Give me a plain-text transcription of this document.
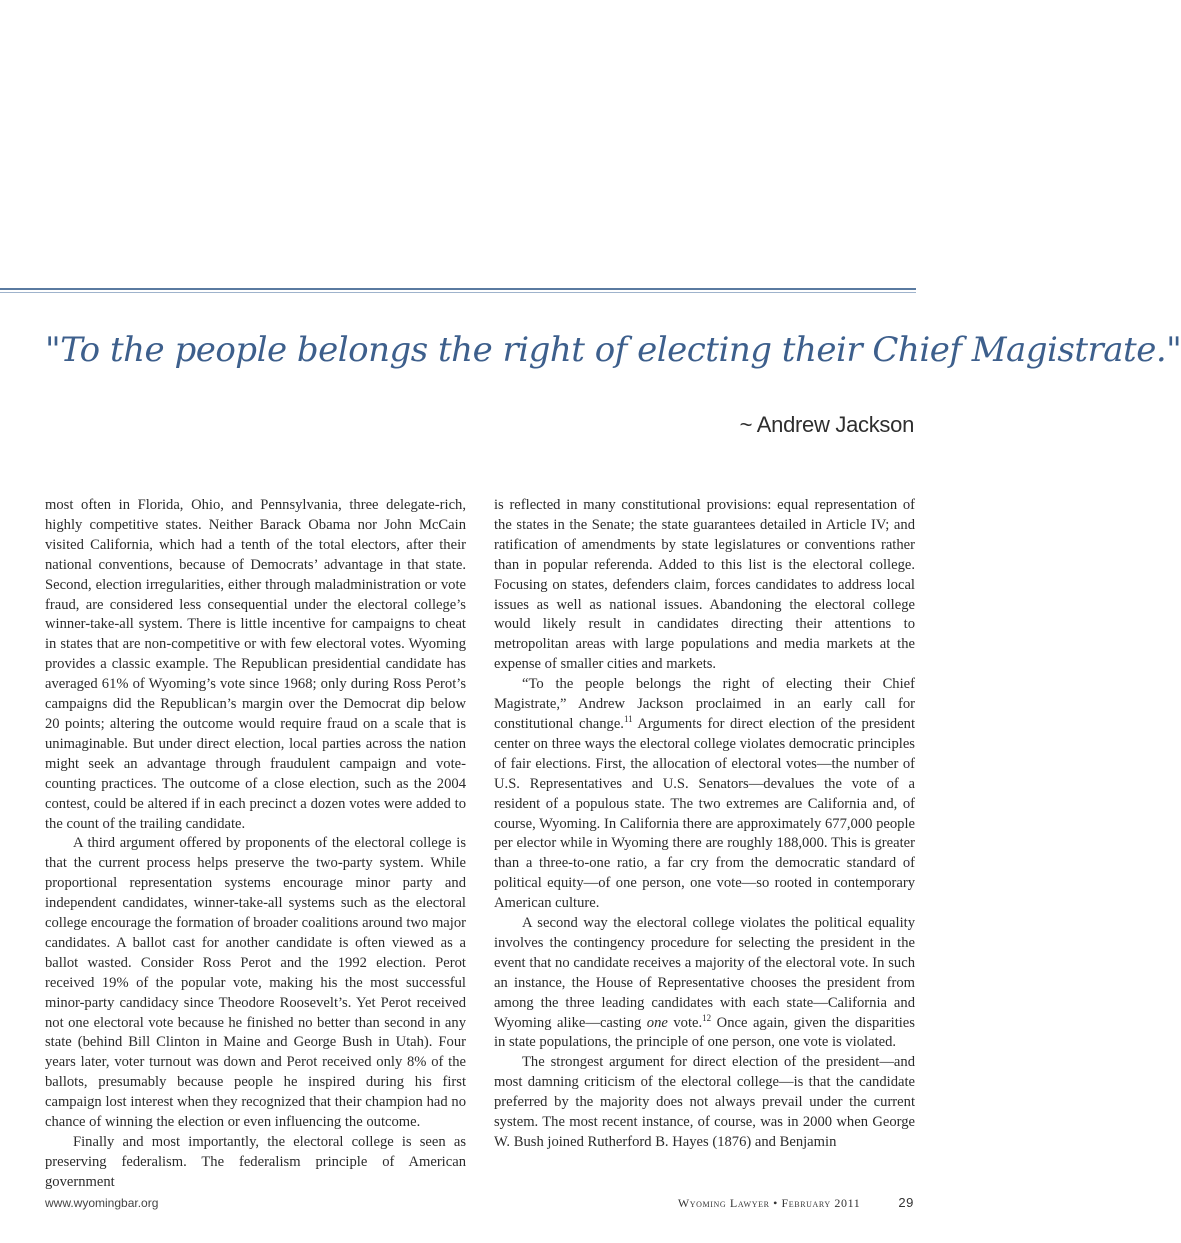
"To the people belongs the right of electing their Chief Magistrate."
~ Andrew Jackson

most often in Florida, Ohio, and Pennsylvania, three delegate-rich, highly competitive states. Neither Barack Obama nor John McCain visited California, which had a tenth of the total electors, after their national conventions, because of Democrats’ advantage in that state. Second, election irregularities, either through maladministration or vote fraud, are considered less consequential under the electoral college’s winner-take-all system. There is little incentive for campaigns to cheat in states that are non-competitive or with few electoral votes. Wyoming provides a classic example. The Republican presidential candidate has averaged 61% of Wyoming’s vote since 1968; only during Ross Perot’s campaigns did the Republican’s margin over the Democrat dip below 20 points; altering the outcome would require fraud on a scale that is unimaginable. But under direct election, local parties across the nation might seek an advantage through fraudulent campaign and vote-counting practices. The outcome of a close election, such as the 2004 contest, could be altered if in each precinct a dozen votes were added to the count of the trailing candidate.

A third argument offered by proponents of the electoral college is that the current process helps preserve the two-party system. While proportional representation systems encourage minor party and independent candidates, winner-take-all systems such as the electoral college encourage the formation of broader coalitions around two major candidates. A ballot cast for another candidate is often viewed as a ballot wasted. Consider Ross Perot and the 1992 election. Perot received 19% of the popular vote, making his the most successful minor-party candidacy since Theodore Roosevelt’s. Yet Perot received not one electoral vote because he finished no better than second in any state (behind Bill Clinton in Maine and George Bush in Utah). Four years later, voter turnout was down and Perot received only 8% of the ballots, presumably because people he inspired during his first campaign lost interest when they recognized that their champion had no chance of winning the election or even influencing the outcome.

Finally and most importantly, the electoral college is seen as preserving federalism. The federalism principle of American government

is reflected in many constitutional provisions: equal representation of the states in the Senate; the state guarantees detailed in Article IV; and ratification of amendments by state legislatures or conventions rather than in popular referenda. Added to this list is the electoral college. Focusing on states, defenders claim, forces candidates to address local issues as well as national issues. Abandoning the electoral college would likely result in candidates directing their attentions to metropolitan areas with large populations and media markets at the expense of smaller cities and markets.

“To the people belongs the right of electing their Chief Magistrate,” Andrew Jackson proclaimed in an early call for constitutional change.$^{11}$ Arguments for direct election of the president center on three ways the electoral college violates democratic principles of fair elections. First, the allocation of electoral votes—the number of U.S. Representatives and U.S. Senators—devalues the vote of a resident of a populous state. The two extremes are California and, of course, Wyoming. In California there are approximately 677,000 people per elector while in Wyoming there are roughly 188,000. This is greater than a three-to-one ratio, a far cry from the democratic standard of political equity—of one person, one vote—so rooted in contemporary American culture.

A second way the electoral college violates the political equality involves the contingency procedure for selecting the president in the event that no candidate receives a majority of the electoral vote. In such an instance, the House of Representative chooses the president from among the three leading candidates with each state—California and Wyoming alike—casting one vote.$^{12}$ Once again, given the disparities in state populations, the principle of one person, one vote is violated.

The strongest argument for direct election of the president—and most damning criticism of the electoral college—is that the candidate preferred by the majority does not always prevail under the current system. The most recent instance, of course, was in 2000 when George W. Bush joined Rutherford B. Hayes (1876) and Benjamin

www.wyomingbar.org	Wyoming Lawyer • February 2011	29
